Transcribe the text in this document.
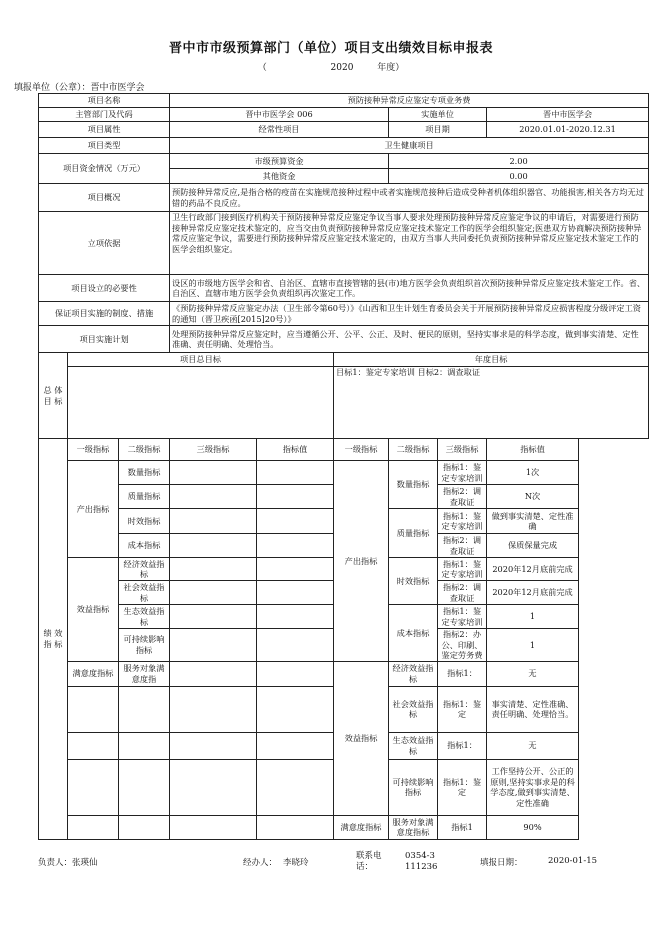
晋中市市级预算部门（单位）项目支出绩效目标申报表
（	2020	年度）
填报单位（公章）：晋中市医学会
项目名称			预防接种异常反应鉴定专项业务费					
主管部门及代码			晋中市医学会 006			实施单位		晋中市医学会
项目属性			经常性项目			项目期		2020.01.01-2020.12.31
项目类型			卫生健康项目					
项目资金情况（万元）			市级预算资金			2.00		
			其他资金			0.00		
项目概况			预防接种异常反应,是指合格的疫苗在实施规范接种过程中或者实施规范接种后造成受种者机体组织器官、功能损害,相关各方均无过错的药品不良反应。					
立项依据			卫生行政部门接到医疗机构关于预防接种异常反应鉴定争议当事人要求处理预防接种异常反应鉴定争议的申请后，对需要进行预防接种异常反应鉴定技术鉴定的，应当交由负责预防接种异常反应鉴定技术鉴定工作的医学会组织鉴定;医患双方协商解决预防接种异常反应鉴定争议，需要进行预防接种异常反应鉴定技术鉴定的，由双方当事人共同委托负责预防接种异常反应鉴定技术鉴定工作的医学会组织鉴定。					
项目设立的必要性			设区的市级地方医学会和省、自治区、直辖市直接管辖的县(市)地方医学会负责组织首次预防接种异常反应鉴定技术鉴定工作。省、自治区、直辖市地方医学会负责组织再次鉴定工作。					
保证项目实施的制度、措施			《预防接种异常反应鉴定办法（卫生部令第60号）》《山西和卫生计划生育委员会关于开展预防接种异常反应损害程度分级评定工资的通知（晋卫疾函[2015]20号）》					
项目实施计划			处理预防接种异常反应鉴定时，应当遵循公开、公平、公正、及时、便民的原则，坚持实事求是的科学态度，做到事实清楚、定性准确、责任明确、处理恰当。					
总 体 目 标	项目总目标				年度目标			
					目标1：鉴定专家培训 目标2：调查取证			
绩 效 指 标	一级指标	二级指标	三级指标	指标值	一级指标	二级指标	三级指标	指标值
	产出指标	数量指标			产出指标	数量指标	指标1：鉴定专家培训	1次
		质量指标					指标2：调查取证	N次
		时效指标				质量指标	指标1：鉴定专家培训	做到事实清楚、定性准确
		成本指标					指标2：调查取证	保质保量完成
	效益指标	经济效益指标				时效指标	指标1：鉴定专家培训	2020年12月底前完成
		社会效益指标					指标2：调查取证	2020年12月底前完成
		生态效益指标				成本指标	指标1：鉴定专家培训	1
		可持续影响指标					指标2：办公、印刷、鉴定劳务费	1
	满意度指标	服务对象满意度指			效益指标	经济效益指标	指标1：	无
						社会效益指标	指标1：鉴定	事实清楚、定性准确、责任明确、处理恰当。
						生态效益指标	指标1：	无
						可持续影响指标	指标1：鉴定	工作坚持公开、公正的原则,坚持实事求是的科学态度,做到事实清楚、定性准确
					满意度指标	服务对象满意度指标	指标1	90%
负责人：张瑛仙	经办人： 李晓玲
联系电话：
0354-3111236	填报日期：	2020-01-15
